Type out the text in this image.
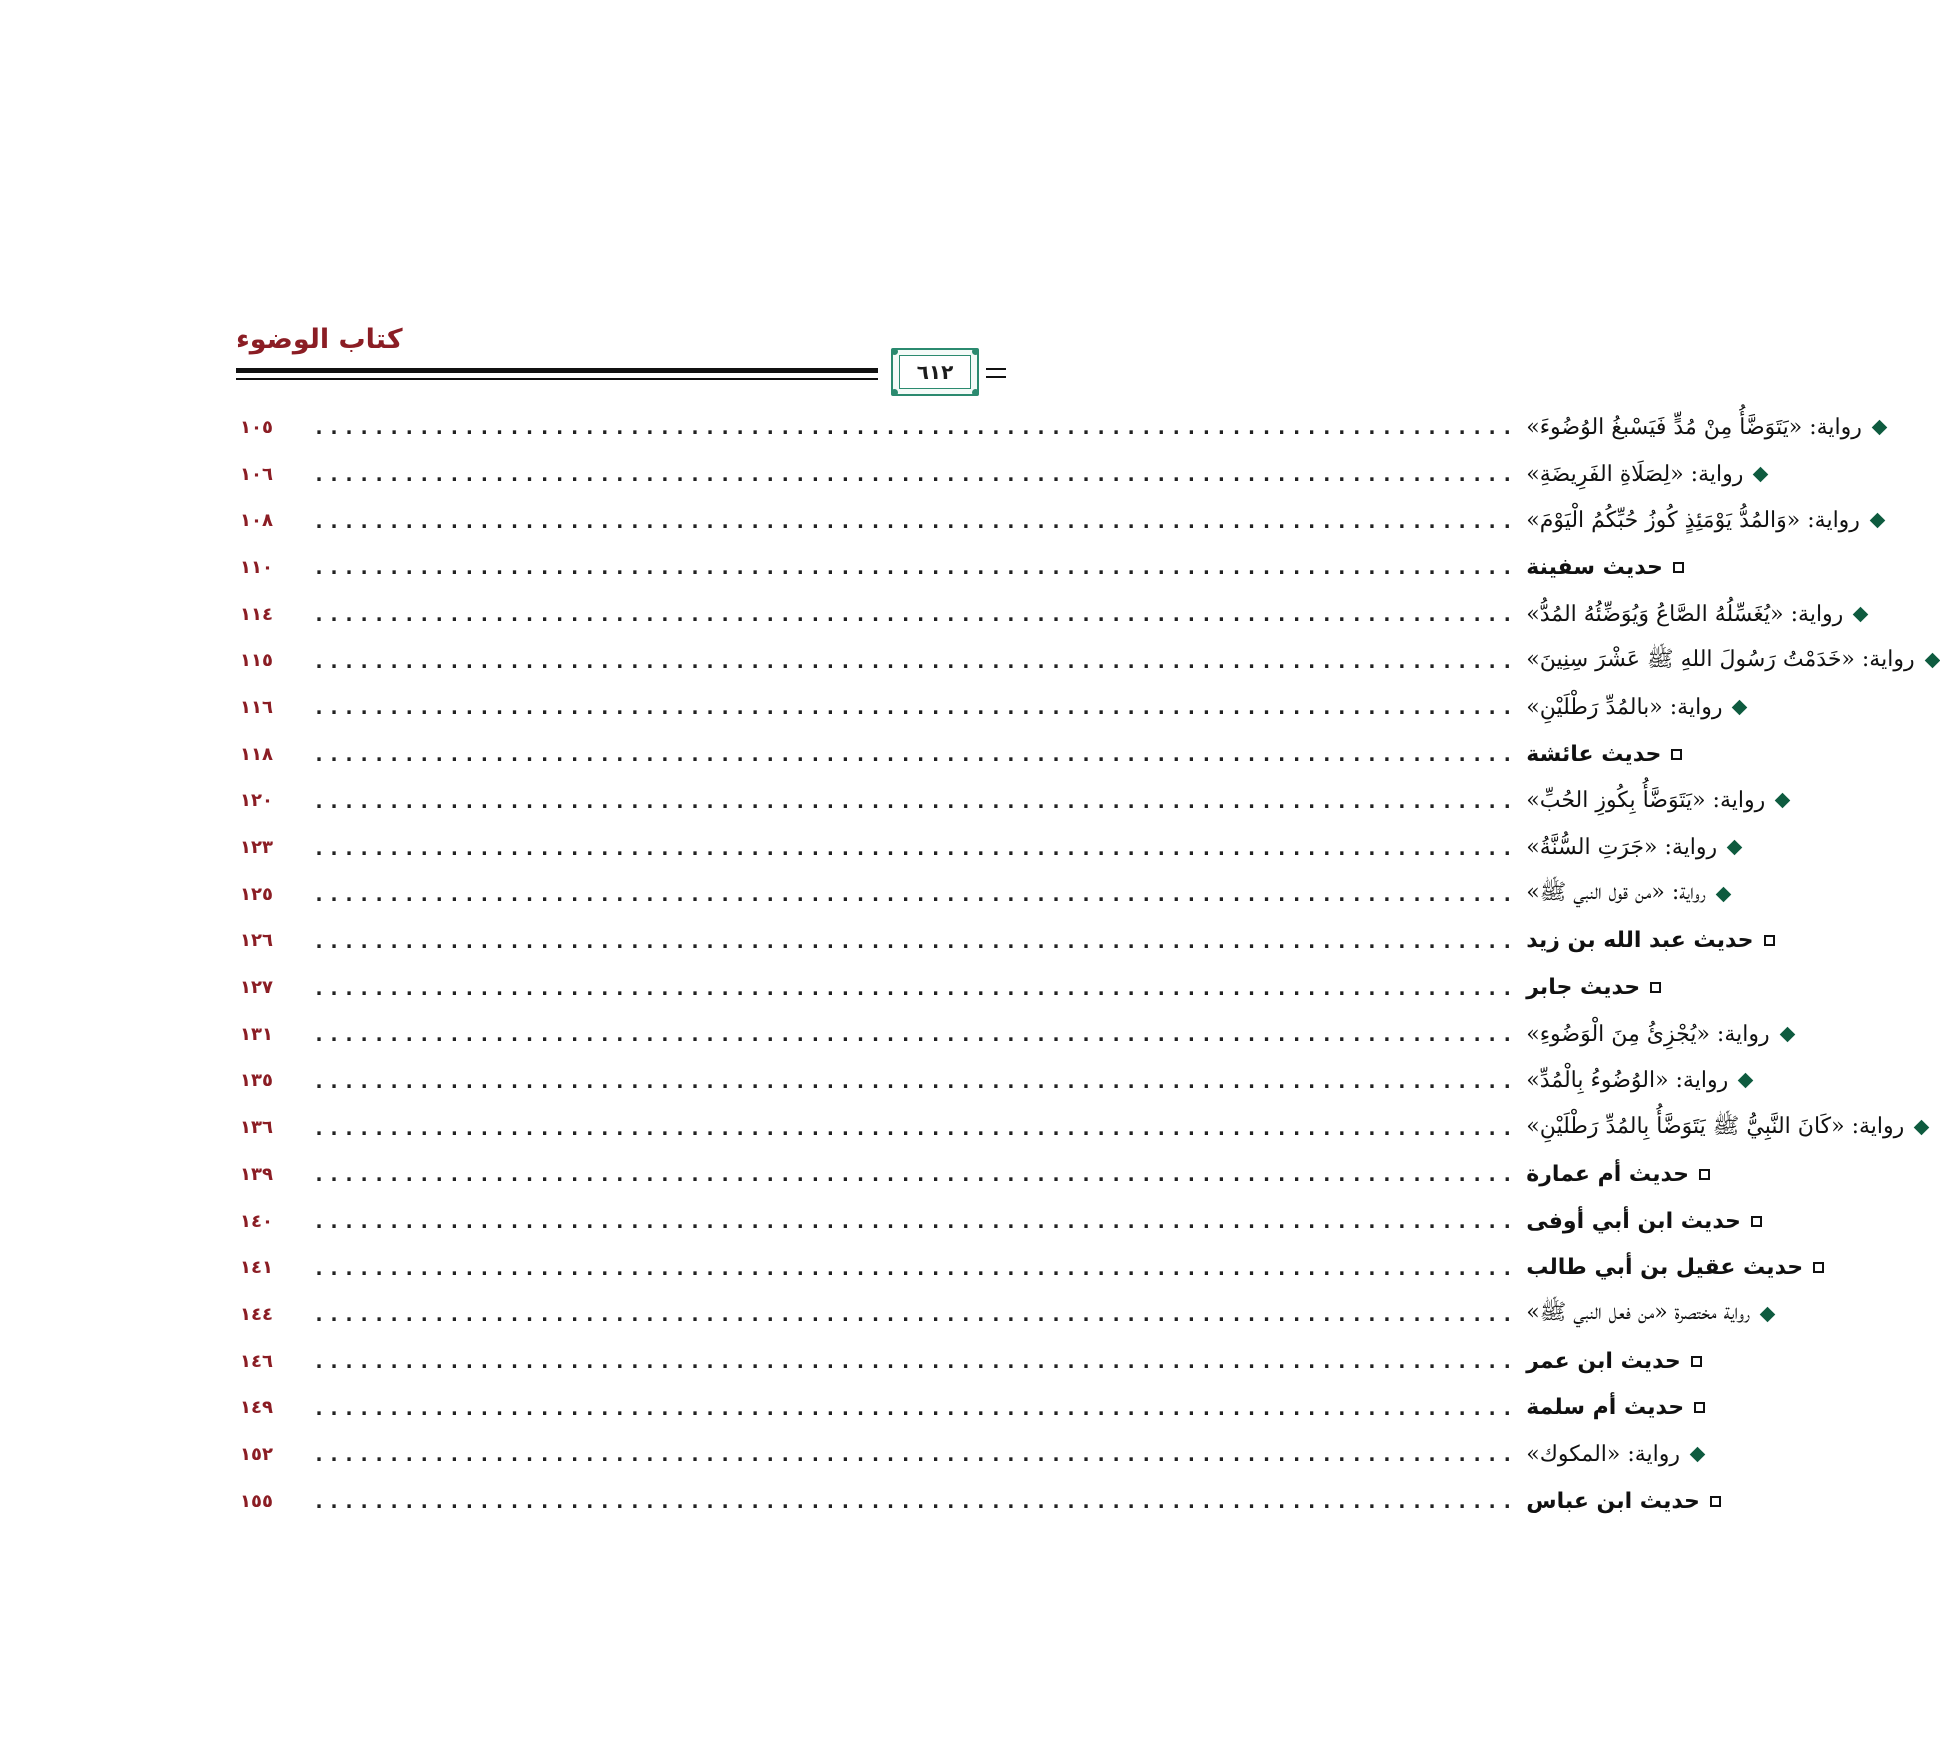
كتاب الوضوء
٦١٢
١٠٥ ................................................................................ رواية: «يَتَوَضَّأُ مِنْ مُدٍّ فَيَسْبغُ الوُضُوءَ»
١٠٦ ................................................................................ رواية: «لِصَلَاةِ الفَرِيضَةِ»
١٠٨ ................................................................................ رواية: «وَالمُدُّ يَوْمَئِذٍ كُوزُ حُبِّكُمُ الْيَوْمَ»
١١٠ ................................................................................ حديث سفينة
١١٤ ................................................................................ رواية: «يُغَسِّلُهُ الصَّاعُ وَيُوَضِّئُهُ المُدُّ»
١١٥ ................................................................................ رواية: «خَدَمْتُ رَسُولَ اللهِ ﷺ عَشْرَ سِنِينَ»
١١٦ ................................................................................ رواية: «بالمُدِّ رَطْلَيْنِ»
١١٨ ................................................................................ حديث عائشة
١٢٠ ................................................................................ رواية: «يَتَوَضَّأُ بِكُوزِ الحُبِّ»
١٢٣ ................................................................................ رواية: «جَرَتِ السُّنَّةُ»
١٢٥ ................................................................................ رواية: «من قول النبي ﷺ»
١٢٦ ................................................................................ حديث عبد الله بن زيد
١٢٧ ................................................................................ حديث جابر
١٣١ ................................................................................ رواية: «يُجْزِئُ مِنَ الْوَضُوءِ»
١٣٥ ................................................................................ رواية: «الوُضُوءُ بِالْمُدِّ»
١٣٦ ................................................................................ رواية: «كَانَ النَّبِيُّ ﷺ يَتَوَضَّأُ بِالمُدِّ رَطْلَيْنِ»
١٣٩ ................................................................................ حديث أم عمارة
١٤٠ ................................................................................ حديث ابن أبي أوفى
١٤١ ................................................................................ حديث عقيل بن أبي طالب
١٤٤ ................................................................................ رواية مختصرة «من فعل النبي ﷺ»
١٤٦ ................................................................................ حديث ابن عمر
١٤٩ ................................................................................ حديث أم سلمة
١٥٢ ................................................................................ رواية: «المكوك»
١٥٥ ................................................................................ حديث ابن عباس
